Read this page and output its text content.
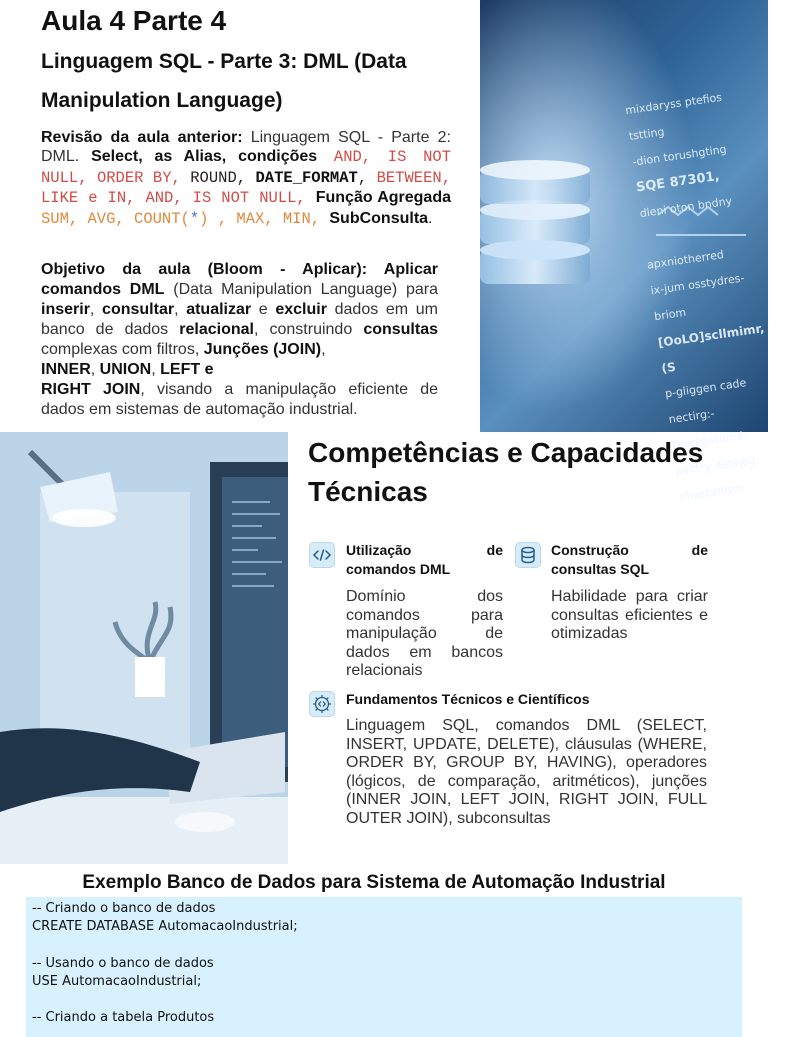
Aula 4 Parte 4
Linguagem SQL - Parte 3: DML (Data Manipulation Language)
Revisão da aula anterior: Linguagem SQL - Parte 2: DML. Select, as Alias, condições AND, IS NOT NULL, ORDER BY, ROUND, DATE_FORMAT, BETWEEN, LIKE e IN, AND, IS NOT NULL, Função Agregada SUM, AVG, COUNT(*) , MAX, MIN, SubConsulta.
Objetivo da aula (Bloom - Aplicar): Aplicar comandos DML (Data Manipulation Language) para inserir, consultar, atualizar e excluir dados em um banco de dados relacional, construindo consultas complexas com filtros, Junções (JOIN),
INNER, UNION, LEFT e
RIGHT JOIN, visando a manipulação eficiente de dados em sistemas de automação industrial.
mixdaryss ptefios tstting
-dion torushgting
SQE 87301,
dleni oton bndny
apxniotherred
ix-jum osstydres-briom
[OoLO]scllmimr, (S
p-gliggen cade
nectirg:-
Dierkgatlirod,
pectry detajog,
nbastarlism
Competências e Capacidades Técnicas
Utilização	de
comandos DML
Domínio dos comandos para manipulação de dados em bancos relacionais
Construção	de
consultas SQL
Habilidade para criar consultas eficientes e otimizadas
Fundamentos Técnicos e Científicos
Linguagem SQL, comandos DML (SELECT, INSERT, UPDATE, DELETE), cláusulas (WHERE, ORDER BY, GROUP BY, HAVING), operadores (lógicos, de comparação, aritméticos), junções (INNER JOIN, LEFT JOIN, RIGHT JOIN, FULL OUTER JOIN), subconsultas
Exemplo Banco de Dados para Sistema de Automação Industrial
-- Criando o banco de dados
CREATE DATABASE AutomacaoIndustrial;
-- Usando o banco de dados
USE AutomacaoIndustrial;
-- Criando a tabela Produtos
